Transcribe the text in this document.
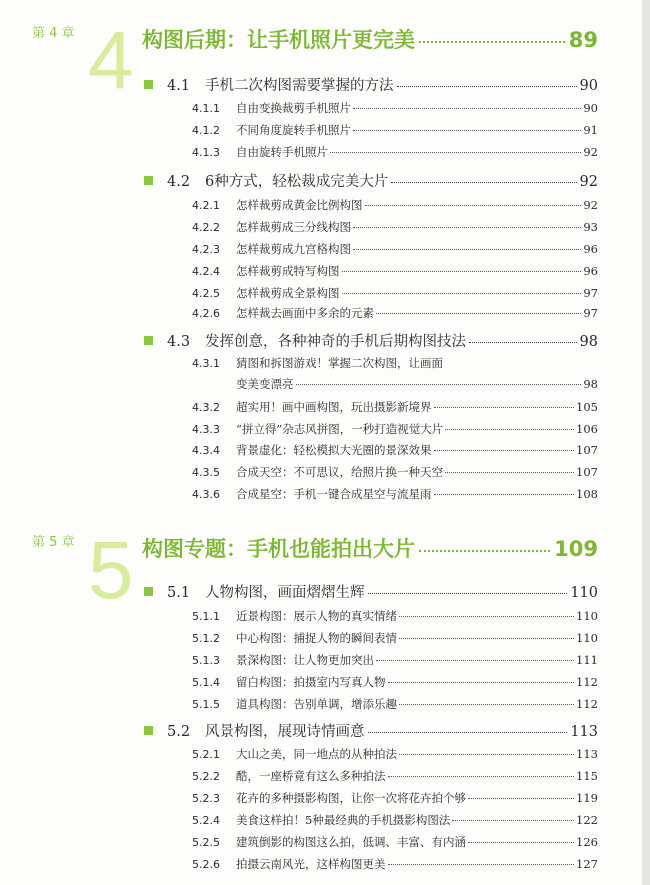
第 4 章 4 构图后期：让手机照片更完美	89
4.1	手机二次构图需要掌握的方法	90
4.1.1	自由变换裁剪手机照片	90
4.1.2	不同角度旋转手机照片	91
4.1.3	自由旋转手机照片	92
4.2	6种方式，轻松裁成完美大片	92
4.2.1	怎样裁剪成黄金比例构图	92
4.2.2	怎样裁剪成三分线构图	93
4.2.3	怎样裁剪成九宫格构图	96
4.2.4	怎样裁剪成特写构图	96
4.2.5	怎样裁剪成全景构图	97
4.2.6	怎样裁去画面中多余的元素	97
4.3	发挥创意，各种神奇的手机后期构图技法	98
4.3.1	猜图和拆图游戏！掌握二次构图，让画面
变美变漂亮	98
4.3.2	超实用！画中画构图，玩出摄影新境界	105
4.3.3	“拼立得”杂志风拼图，一秒打造视觉大片	106
4.3.4	背景虚化：轻松模拟大光圈的景深效果	107
4.3.5	合成天空：不可思议，给照片换一种天空	107
4.3.6	合成星空：手机一键合成星空与流星雨	108
第 5 章 5 构图专题：手机也能拍出大片	109
5.1	人物构图，画面熠熠生辉	110
5.1.1	近景构图：展示人物的真实情绪	110
5.1.2	中心构图：捕捉人物的瞬间表情	110
5.1.3	景深构图：让人物更加突出	111
5.1.4	留白构图：拍摄室内写真人物	112
5.1.5	道具构图：告别单调，增添乐趣	112
5.2	风景构图，展现诗情画意	113
5.2.1	大山之美，同一地点的从种拍法	113
5.2.2	酷，一座桥竟有这么多种拍法	115
5.2.3	花卉的多种摄影构图，让你一次将花卉拍个够	119
5.2.4	美食这样拍！5种最经典的手机摄影构图法	122
5.2.5	建筑倒影的构图这么拍，低调、丰富、有内涵	126
5.2.6	拍摄云南风光，这样构图更美	127
